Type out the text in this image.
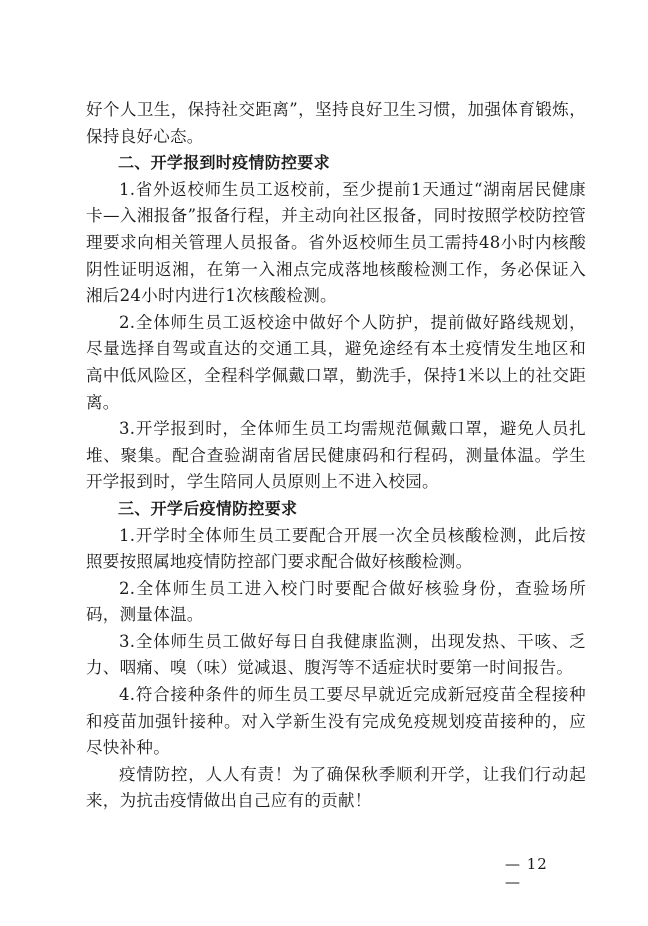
好个人卫生，保持社交距离”，坚持良好卫生习惯，加强体育锻炼，保持良好心态。

二、开学报到时疫情防控要求

1.省外返校师生员工返校前，至少提前1天通过“湖南居民健康卡—入湘报备”报备行程，并主动向社区报备，同时按照学校防控管理要求向相关管理人员报备。省外返校师生员工需持48小时内核酸阴性证明返湘，在第一入湘点完成落地核酸检测工作，务必保证入湘后24小时内进行1次核酸检测。

2.全体师生员工返校途中做好个人防护，提前做好路线规划，尽量选择自驾或直达的交通工具，避免途经有本土疫情发生地区和高中低风险区，全程科学佩戴口罩，勤洗手，保持1米以上的社交距离。

3.开学报到时，全体师生员工均需规范佩戴口罩，避免人员扎堆、聚集。配合查验湖南省居民健康码和行程码，测量体温。学生开学报到时，学生陪同人员原则上不进入校园。

三、开学后疫情防控要求

1.开学时全体师生员工要配合开展一次全员核酸检测，此后按照要按照属地疫情防控部门要求配合做好核酸检测。

2.全体师生员工进入校门时要配合做好核验身份，查验场所码，测量体温。

3.全体师生员工做好每日自我健康监测，出现发热、干咳、乏力、咽痛、嗅（味）觉减退、腹泻等不适症状时要第一时间报告。

4.符合接种条件的师生员工要尽早就近完成新冠疫苗全程接种和疫苗加强针接种。对入学新生没有完成免疫规划疫苗接种的，应尽快补种。

疫情防控，人人有责！为了确保秋季顺利开学，让我们行动起来，为抗击疫情做出自己应有的贡献！

— 12 —
